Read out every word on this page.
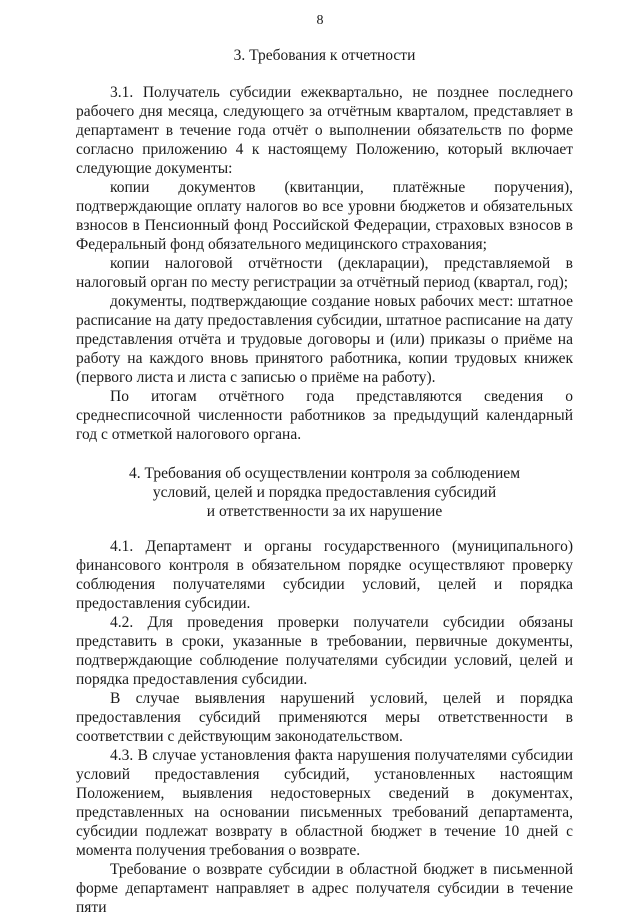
8
3. Требования к отчетности

3.1. Получатель субсидии ежеквартально, не позднее последнего рабочего дня месяца, следующего за отчётным кварталом, представляет в департамент в течение года отчёт о выполнении обязательств по форме согласно приложению 4 к настоящему Положению, который включает следующие документы:

копии документов (квитанции, платёжные поручения), подтверждающие оплату налогов во все уровни бюджетов и обязательных взносов в Пенсионный фонд Российской Федерации, страховых взносов в Федеральный фонд обязательного медицинского страхования;

копии налоговой отчётности (декларации), представляемой в налоговый орган по месту регистрации за отчётный период (квартал, год);

документы, подтверждающие создание новых рабочих мест: штатное расписание на дату предоставления субсидии, штатное расписание на дату представления отчёта и трудовые договоры и (или) приказы о приёме на работу на каждого вновь принятого работника, копии трудовых книжек (первого листа и листа с записью о приёме на работу).

По итогам отчётного года представляются сведения о среднесписочной численности работников за предыдущий календарный год с отметкой налогового органа.

4. Требования об осуществлении контроля за соблюдением
условий, целей и порядка предоставления субсидий
и ответственности за их нарушение

4.1. Департамент и органы государственного (муниципального) финансового контроля в обязательном порядке осуществляют проверку соблюдения получателями субсидии условий, целей и порядка предоставления субсидии.

4.2. Для проведения проверки получатели субсидии обязаны представить в сроки, указанные в требовании, первичные документы, подтверждающие соблюдение получателями субсидии условий, целей и порядка предоставления субсидии.

В случае выявления нарушений условий, целей и порядка предоставления субсидий применяются меры ответственности в соответствии с действующим законодательством.

4.3. В случае установления факта нарушения получателями субсидии условий предоставления субсидий, установленных настоящим Положением, выявления недостоверных сведений в документах, представленных на основании письменных требований департамента, субсидии подлежат возврату в областной бюджет в течение 10 дней с момента получения требования о возврате.

Требование о возврате субсидии в областной бюджет в письменной форме департамент направляет в адрес получателя субсидии в течение пяти
